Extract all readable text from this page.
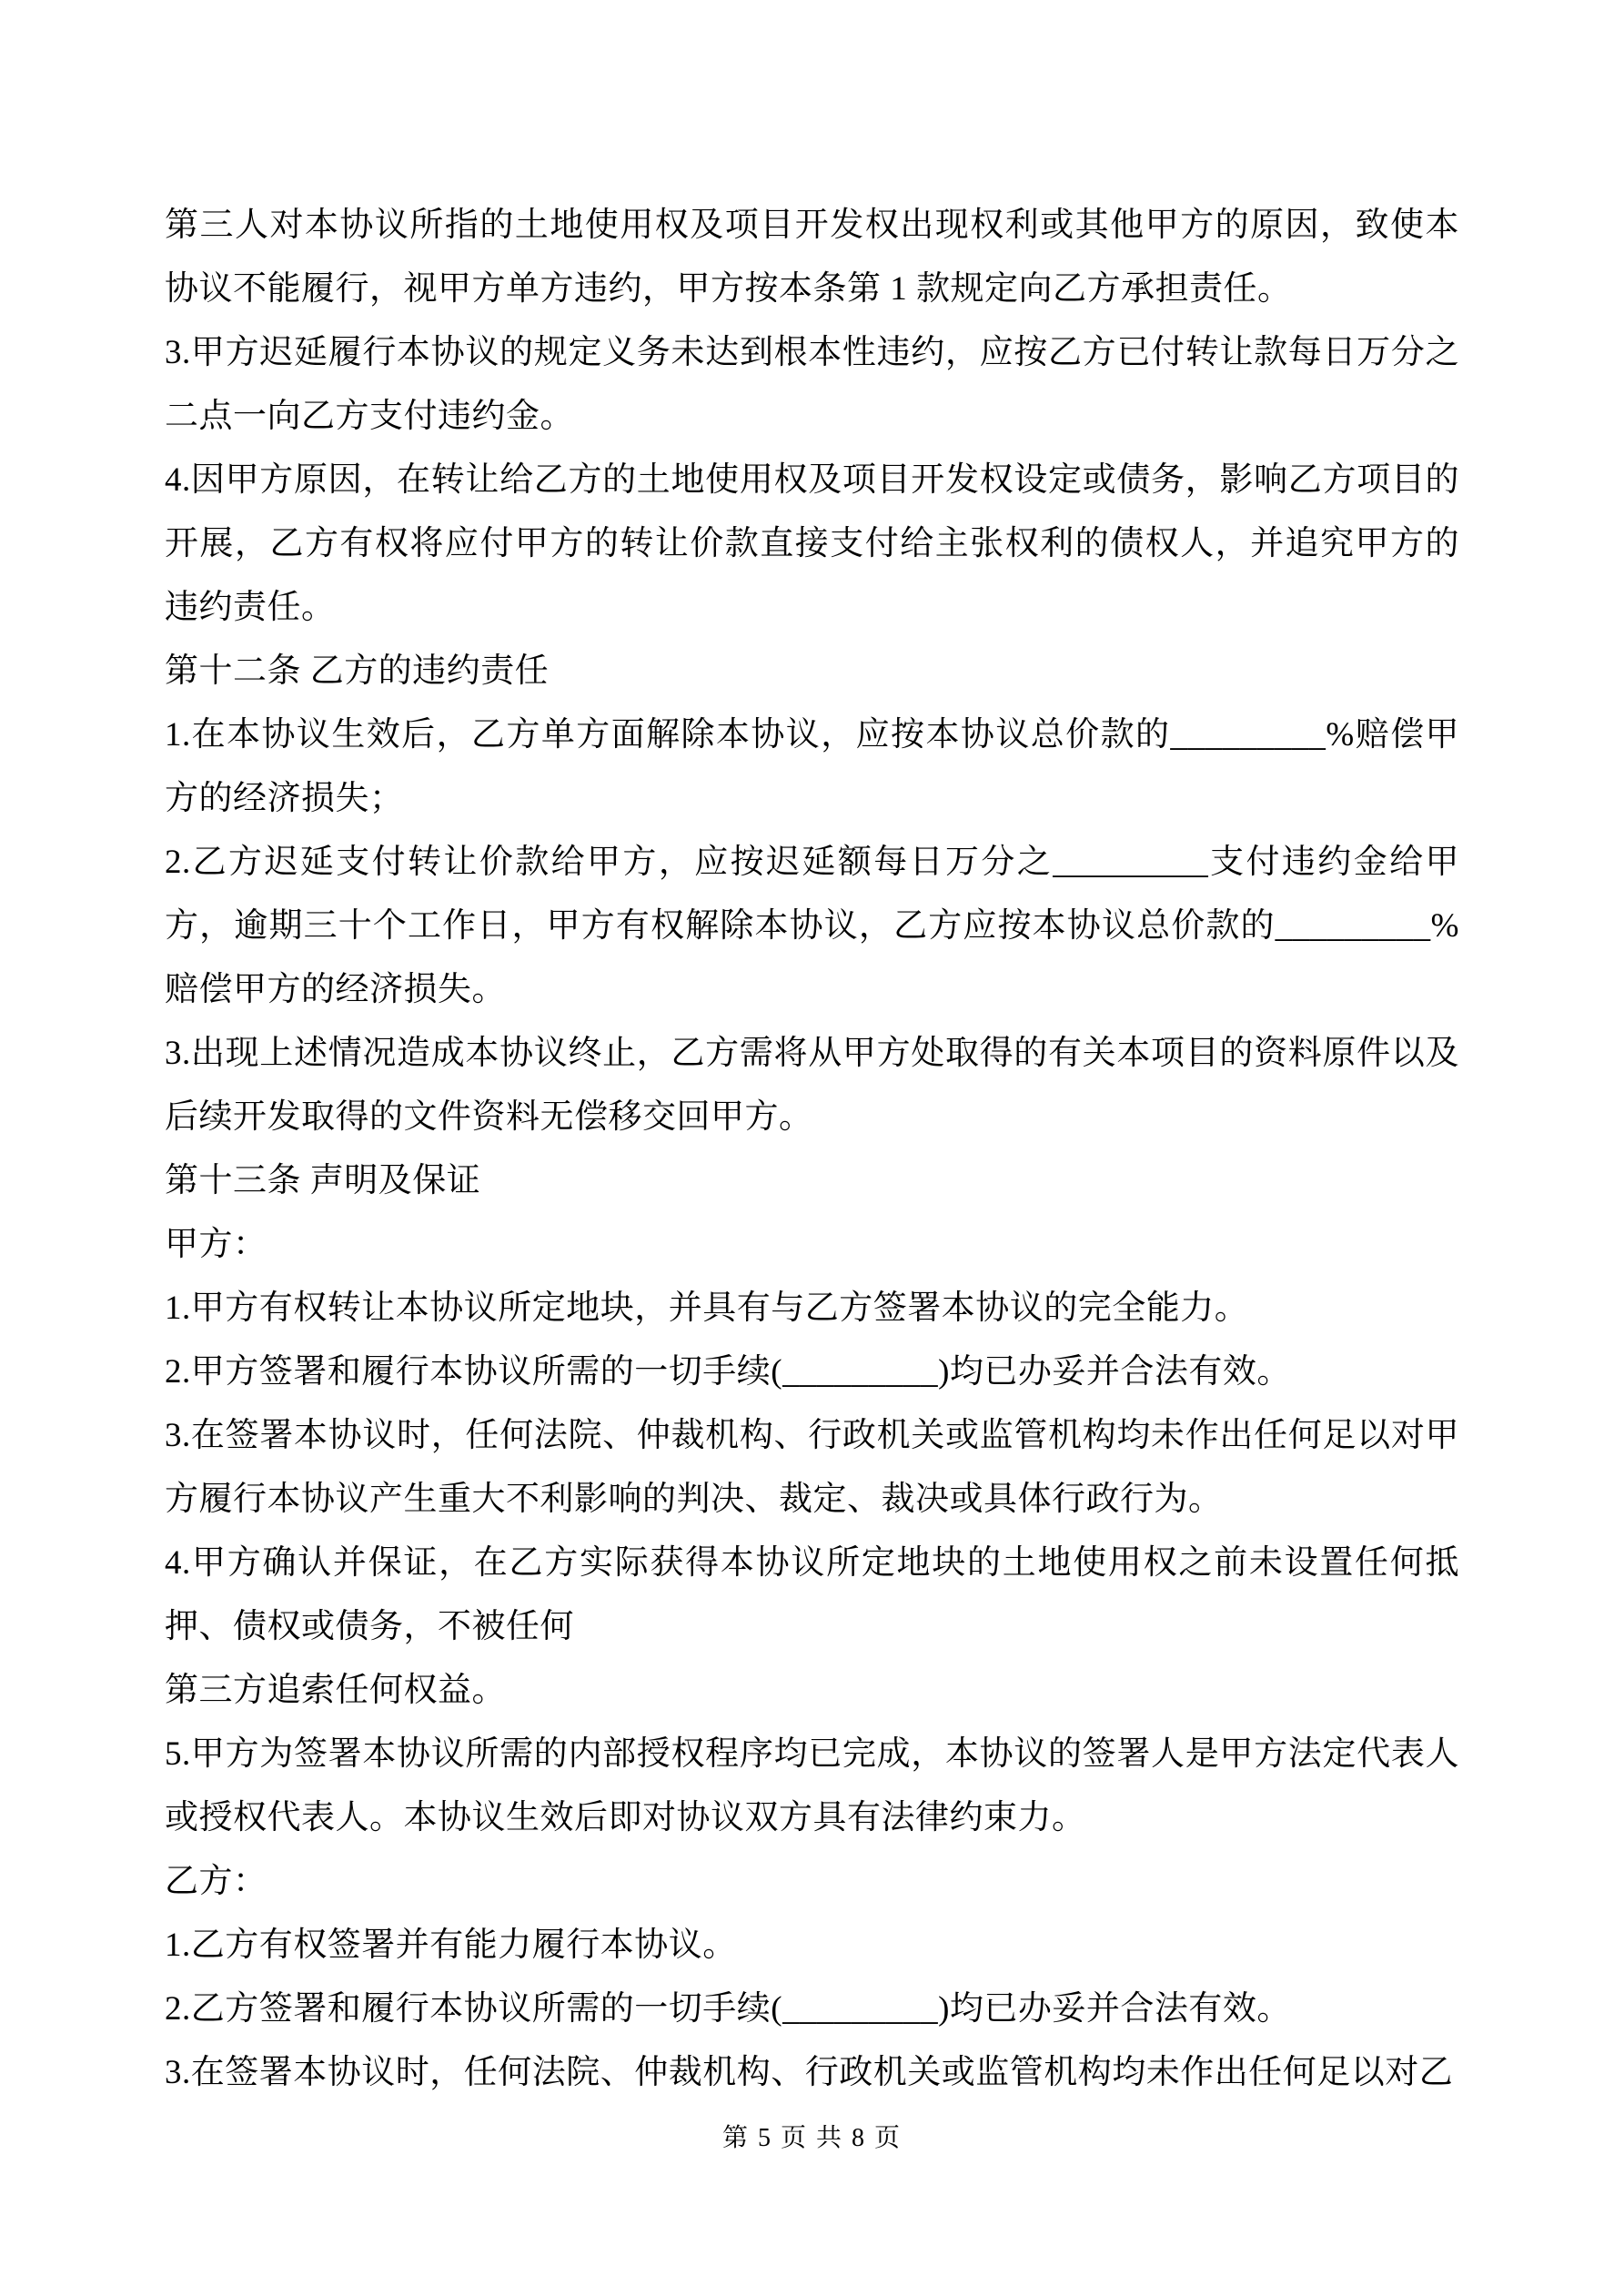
第三人对本协议所指的土地使用权及项目开发权出现权利或其他甲方的原因，致使本协议不能履行，视甲方单方违约，甲方按本条第 1 款规定向乙方承担责任。

3.甲方迟延履行本协议的规定义务未达到根本性违约，应按乙方已付转让款每日万分之二点一向乙方支付违约金。

4.因甲方原因，在转让给乙方的土地使用权及项目开发权设定或债务，影响乙方项目的开展，乙方有权将应付甲方的转让价款直接支付给主张权利的债权人，并追究甲方的违约责任。

第十二条 乙方的违约责任

1.在本协议生效后，乙方单方面解除本协议，应按本协议总价款的_________%赔偿甲方的经济损失；

2.乙方迟延支付转让价款给甲方，应按迟延额每日万分之_________支付违约金给甲方，逾期三十个工作日，甲方有权解除本协议，乙方应按本协议总价款的_________%赔偿甲方的经济损失。

3.出现上述情况造成本协议终止，乙方需将从甲方处取得的有关本项目的资料原件以及后续开发取得的文件资料无偿移交回甲方。

第十三条 声明及保证

甲方：

1.甲方有权转让本协议所定地块，并具有与乙方签署本协议的完全能力。

2.甲方签署和履行本协议所需的一切手续(_________)均已办妥并合法有效。

3.在签署本协议时，任何法院、仲裁机构、行政机关或监管机构均未作出任何足以对甲方履行本协议产生重大不利影响的判决、裁定、裁决或具体行政行为。

4.甲方确认并保证，在乙方实际获得本协议所定地块的土地使用权之前未设置任何抵押、债权或债务，不被任何

第三方追索任何权益。

5.甲方为签署本协议所需的内部授权程序均已完成，本协议的签署人是甲方法定代表人或授权代表人。本协议生效后即对协议双方具有法律约束力。

乙方：

1.乙方有权签署并有能力履行本协议。

2.乙方签署和履行本协议所需的一切手续(_________)均已办妥并合法有效。

3.在签署本协议时，任何法院、仲裁机构、行政机关或监管机构均未作出任何足以对乙

第 5 页 共 8 页
